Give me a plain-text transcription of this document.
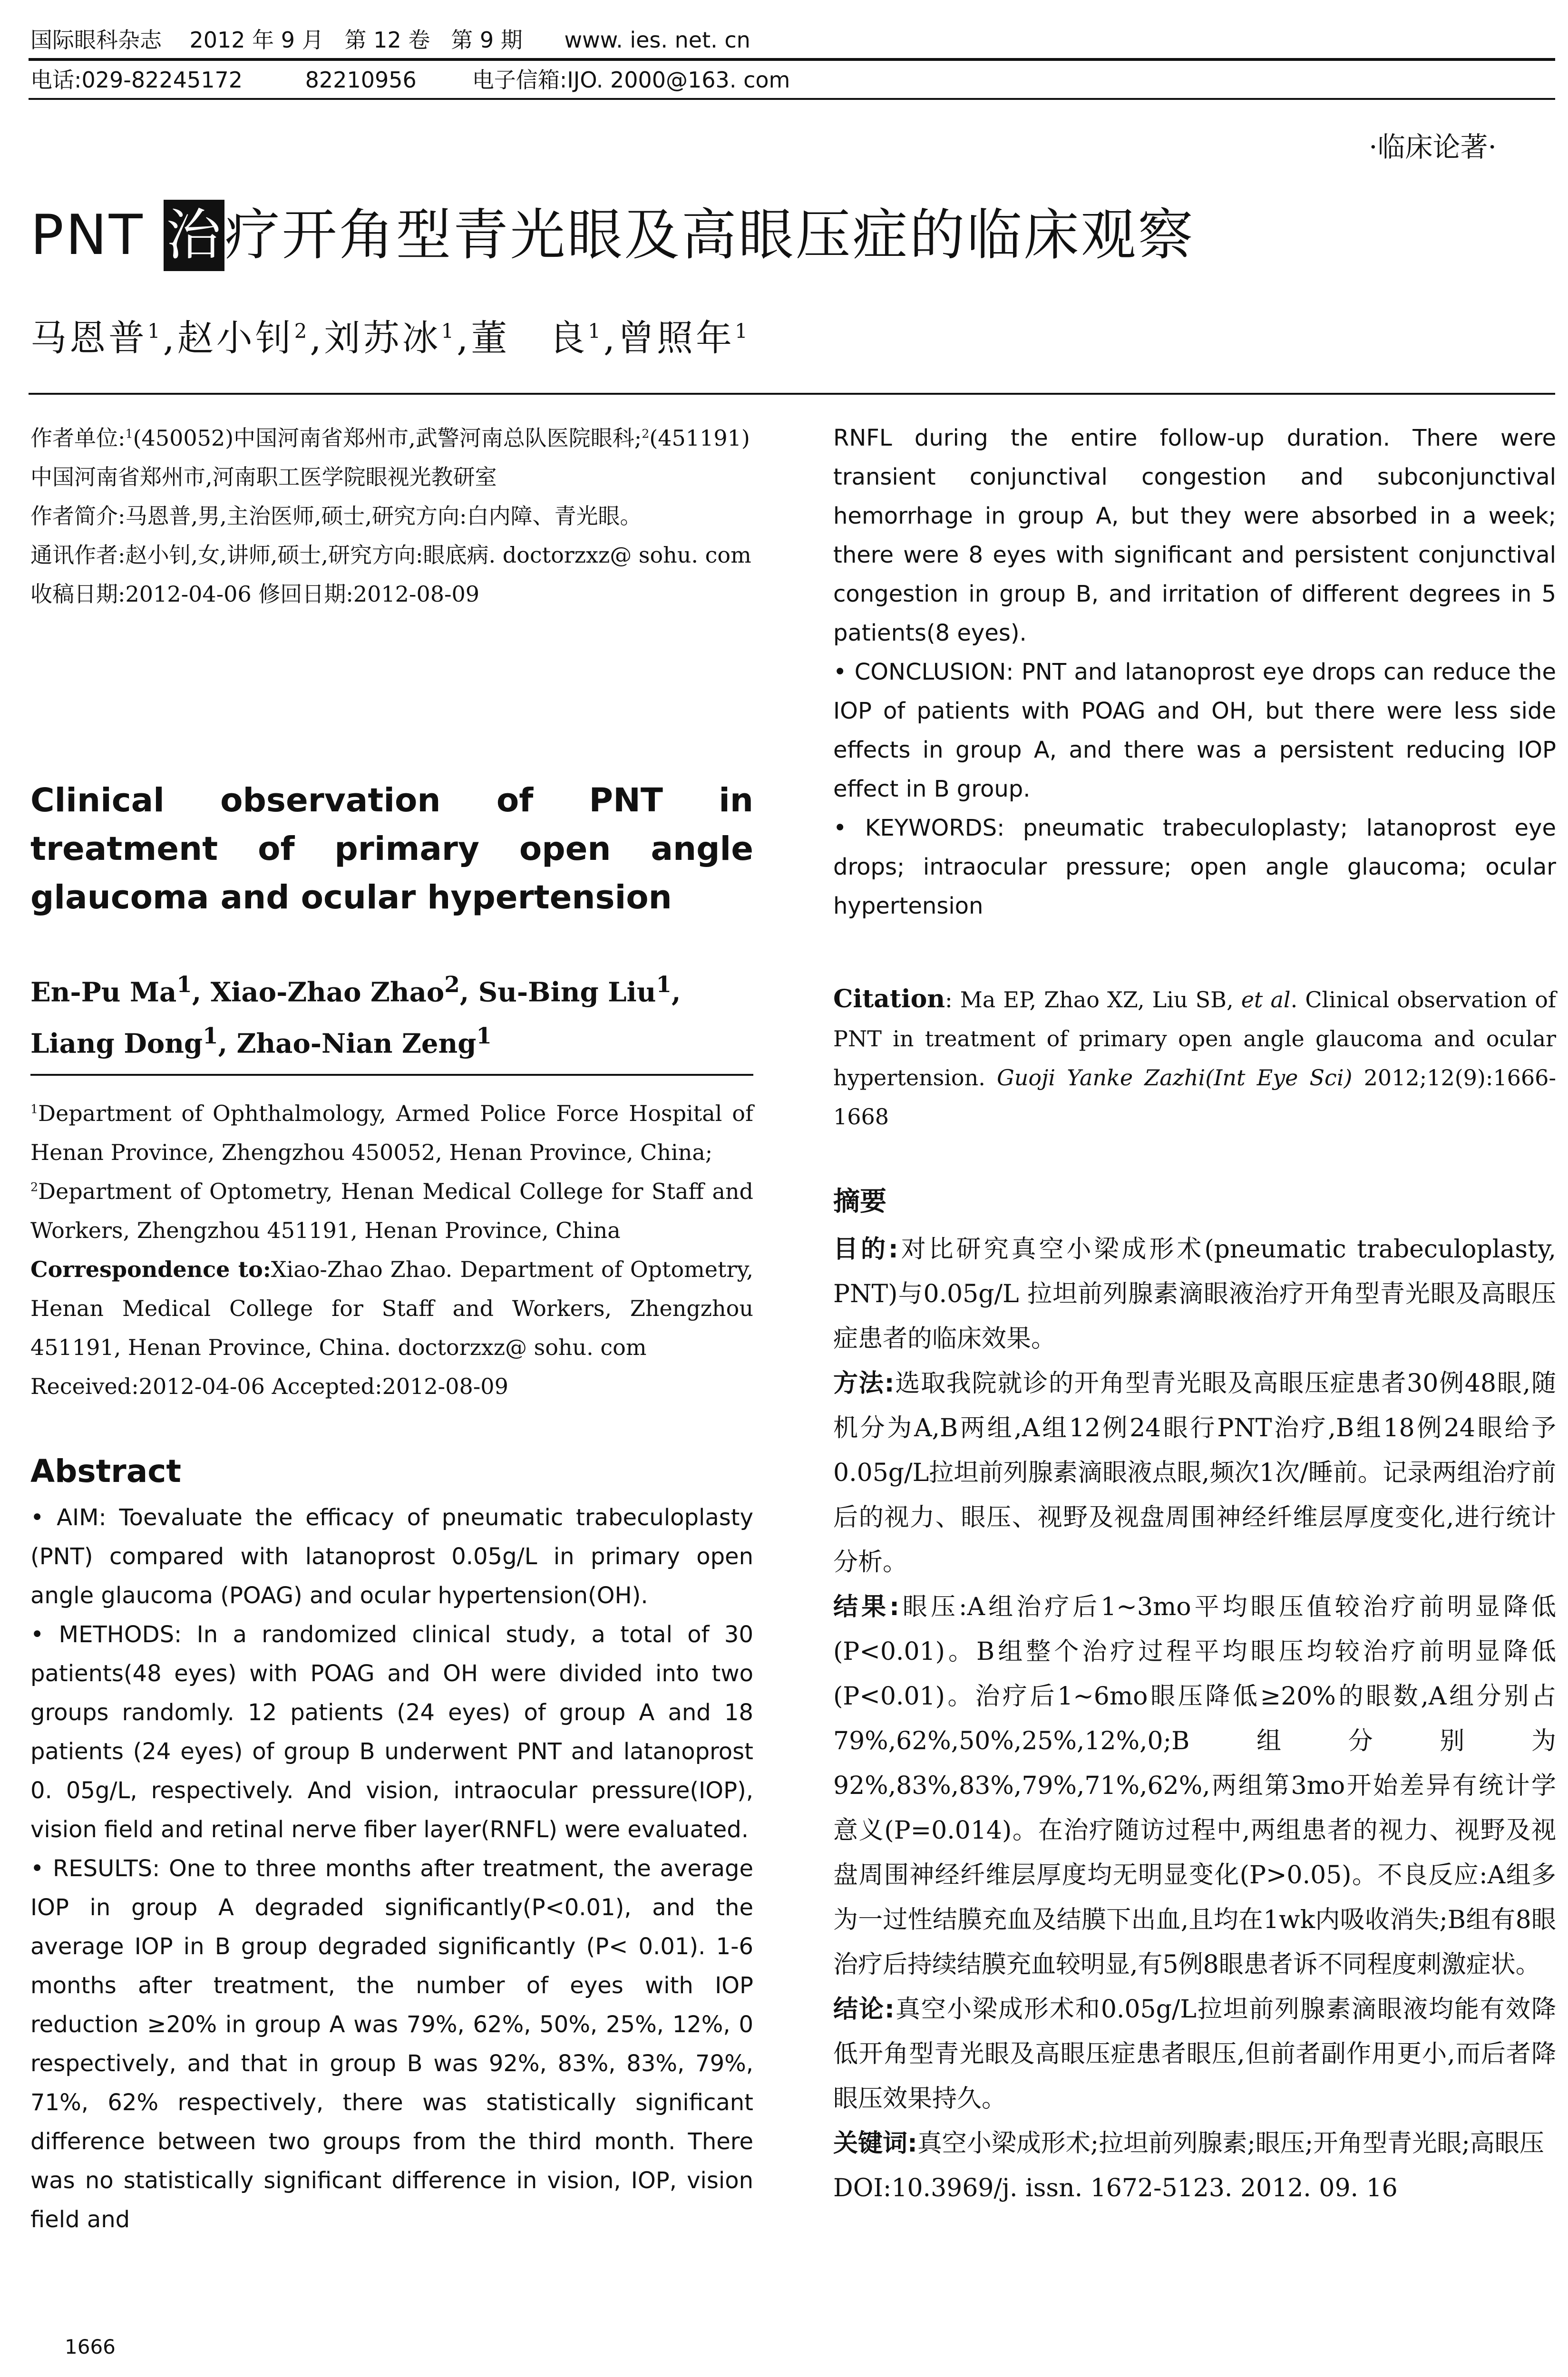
国际眼科杂志    2012 年 9 月   第 12 卷   第 9 期      www. ies. net. cn
电话:029-82245172         82210956        电子信箱:IJO. 2000@163. com
·临床论著·
PNT 治疗开角型青光眼及高眼压症的临床观察
马恩普$^1$,赵小钊$^2$,刘苏冰$^1$,董　良$^1$,曾照年$^1$

作者单位:$^1$(450052)中国河南省郑州市,武警河南总队医院眼科;$^2$(451191)中国河南省郑州市,河南职工医学院眼视光教研室

作者简介:马恩普,男,主治医师,硕士,研究方向:白内障、青光眼。

通讯作者:赵小钊,女,讲师,硕士,研究方向:眼底病. doctorzxz@ sohu. com

收稿日期:2012-04-06 修回日期:2012-08-09

Clinical observation of PNT in treatment of primary open angle glaucoma and ocular hypertension
En-Pu Ma$^1$, Xiao-Zhao Zhao$^2$, Su-Bing Liu$^1$,
Liang Dong$^1$, Zhao-Nian Zeng$^1$

$^1$Department of Ophthalmology, Armed Police Force Hospital of Henan Province, Zhengzhou 450052, Henan Province, China;

$^2$Department of Optometry, Henan Medical College for Staff and Workers, Zhengzhou 451191, Henan Province, China

Correspondence to:Xiao-Zhao Zhao. Department of Optometry, Henan Medical College for Staff and Workers, Zhengzhou 451191, Henan Province, China. doctorzxz@ sohu. com

Received:2012-04-06 Accepted:2012-08-09

Abstract

• AIM: Toevaluate the efficacy of pneumatic trabeculoplasty (PNT) compared with latanoprost 0.05g/L in primary open angle glaucoma (POAG) and ocular hypertension(OH).

• METHODS: In a randomized clinical study, a total of 30 patients(48 eyes) with POAG and OH were divided into two groups randomly. 12 patients (24 eyes) of group A and 18 patients (24 eyes) of group B underwent PNT and latanoprost 0. 05g/L, respectively. And vision, intraocular pressure(IOP), vision field and retinal nerve fiber layer(RNFL) were evaluated.

• RESULTS: One to three months after treatment, the average IOP in group A degraded significantly(P<0.01), and the average IOP in B group degraded significantly (P< 0.01). 1-6 months after treatment, the number of eyes with IOP reduction ≥20% in group A was 79%, 62%, 50%, 25%, 12%, 0 respectively, and that in group B was 92%, 83%, 83%, 79%, 71%, 62% respectively, there was statistically significant difference between two groups from the third month. There was no statistically significant difference in vision, IOP, vision field and

RNFL during the entire follow-up duration. There were transient conjunctival congestion and subconjunctival hemorrhage in group A, but they were absorbed in a week; there were 8 eyes with significant and persistent conjunctival congestion in group B, and irritation of different degrees in 5 patients(8 eyes).

• CONCLUSION: PNT and latanoprost eye drops can reduce the IOP of patients with POAG and OH, but there were less side effects in group A, and there was a persistent reducing IOP effect in B group.

• KEYWORDS: pneumatic trabeculoplasty; latanoprost eye drops; intraocular pressure; open angle glaucoma; ocular hypertension

Citation: Ma EP, Zhao XZ, Liu SB, et al. Clinical observation of PNT in treatment of primary open angle glaucoma and ocular hypertension. Guoji Yanke Zazhi(Int Eye Sci) 2012;12(9):1666-1668

摘要

目的:对比研究真空小梁成形术(pneumatic trabeculoplasty, PNT)与0.05g/L 拉坦前列腺素滴眼液治疗开角型青光眼及高眼压症患者的临床效果。

方法:选取我院就诊的开角型青光眼及高眼压症患者30例48眼,随机分为A,B两组,A组12例24眼行PNT治疗,B组18例24眼给予0.05g/L拉坦前列腺素滴眼液点眼,频次1次/睡前。记录两组治疗前后的视力、眼压、视野及视盘周围神经纤维层厚度变化,进行统计分析。

结果:眼压:A组治疗后1~3mo平均眼压值较治疗前明显降低(P<0.01)。B组整个治疗过程平均眼压均较治疗前明显降低(P<0.01)。治疗后1~6mo眼压降低≥20%的眼数,A组分别占79%,62%,50%,25%,12%,0;B组分别为92%,83%,83%,79%,71%,62%,两组第3mo开始差异有统计学意义(P=0.014)。在治疗随访过程中,两组患者的视力、视野及视盘周围神经纤维层厚度均无明显变化(P>0.05)。不良反应:A组多为一过性结膜充血及结膜下出血,且均在1wk内吸收消失;B组有8眼治疗后持续结膜充血较明显,有5例8眼患者诉不同程度刺激症状。

结论:真空小梁成形术和0.05g/L拉坦前列腺素滴眼液均能有效降低开角型青光眼及高眼压症患者眼压,但前者副作用更小,而后者降眼压效果持久。

关键词:真空小梁成形术;拉坦前列腺素;眼压;开角型青光眼;高眼压

DOI:10.3969/j. issn. 1672-5123. 2012. 09. 16

1666
